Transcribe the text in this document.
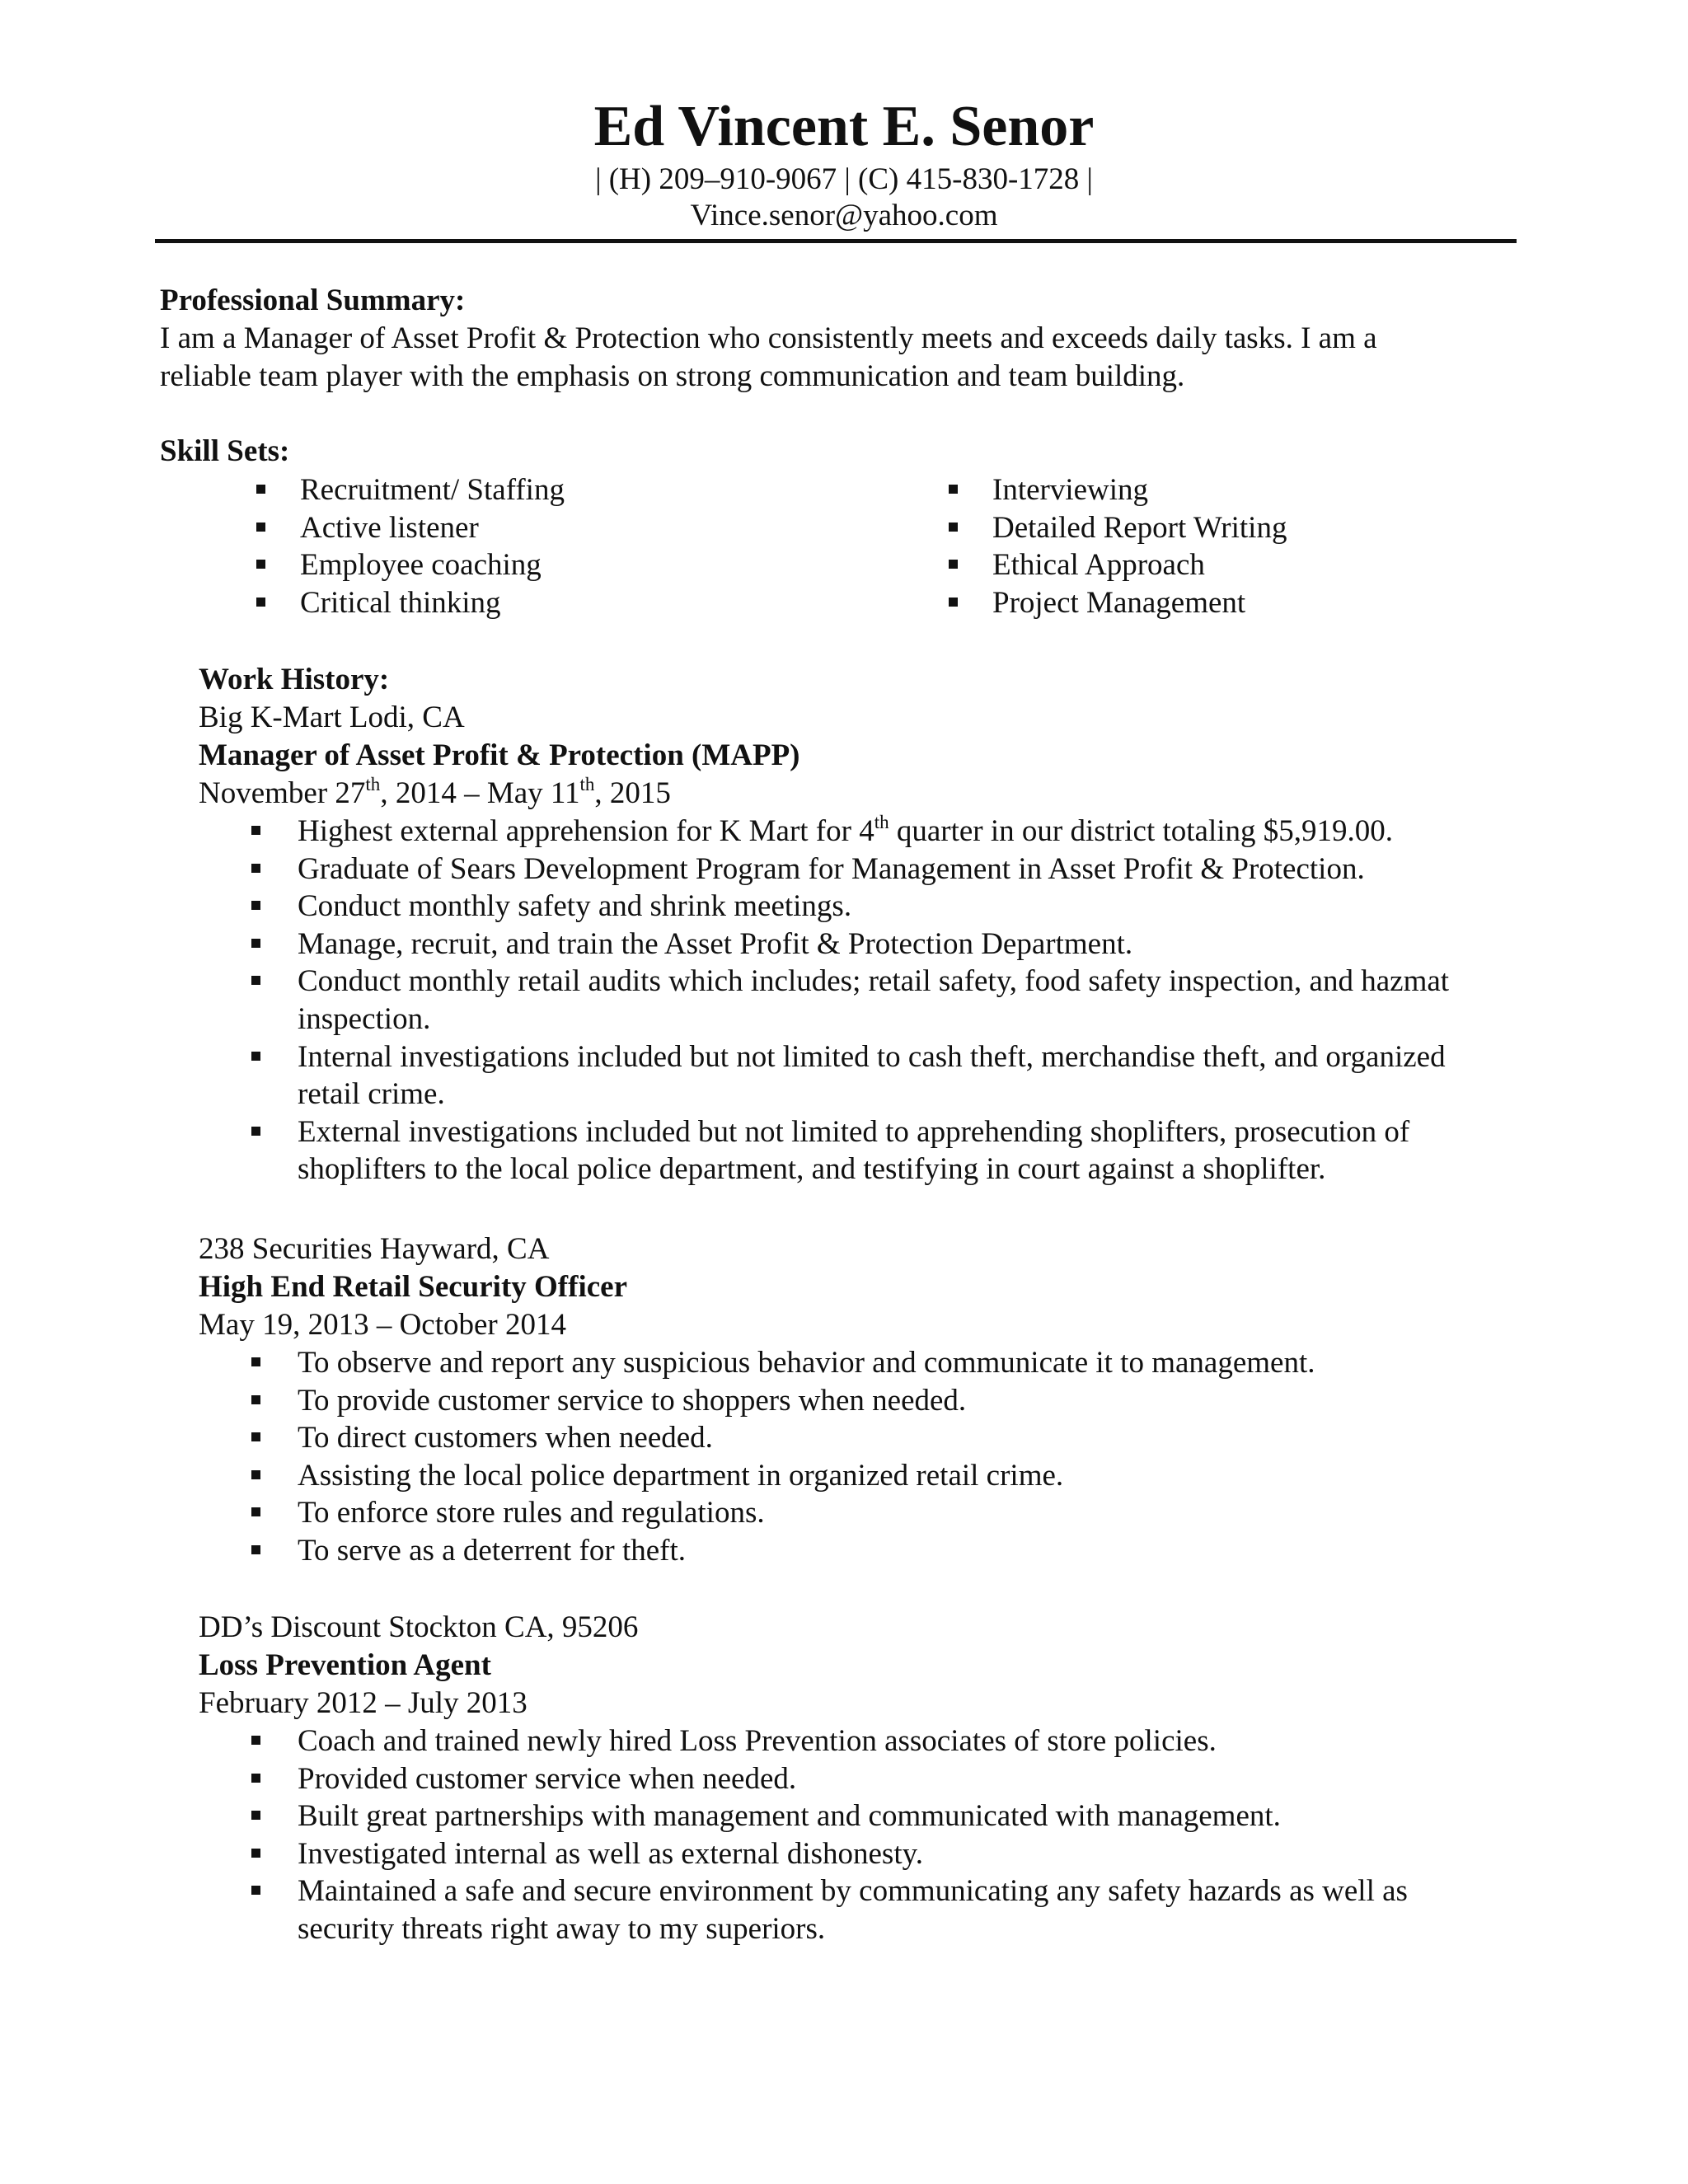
Ed Vincent E. Senor
| (H) 209–910-9067 | (C) 415-830-1728 |
Vince.senor@yahoo.com
Professional Summary:
I am a Manager of Asset Profit & Protection who consistently meets and exceeds daily tasks. I am a
reliable team player with the emphasis on strong communication and team building.
Skill Sets:
Recruitment/ Staffing
Active listener
Employee coaching
Critical thinking
Interviewing
Detailed Report Writing
Ethical Approach
Project Management
Work History:
Big K-Mart Lodi, CA
Manager of Asset Profit & Protection (MAPP)
November 27th, 2014 – May 11th, 2015
Highest external apprehension for K Mart for 4th quarter in our district totaling $5,919.00.
Graduate of Sears Development Program for Management in Asset Profit & Protection.
Conduct monthly safety and shrink meetings.
Manage, recruit, and train the Asset Profit & Protection Department.
Conduct monthly retail audits which includes; retail safety, food safety inspection, and hazmat inspection.
Internal investigations included but not limited to cash theft, merchandise theft, and organized retail crime.
External investigations included but not limited to apprehending shoplifters, prosecution of shoplifters to the local police department, and testifying in court against a shoplifter.
238 Securities Hayward, CA
High End Retail Security Officer
May 19, 2013 – October 2014
To observe and report any suspicious behavior and communicate it to management.
To provide customer service to shoppers when needed.
To direct customers when needed.
Assisting the local police department in organized retail crime.
To enforce store rules and regulations.
To serve as a deterrent for theft.
DD’s Discount Stockton CA, 95206
Loss Prevention Agent
February 2012 – July 2013
Coach and trained newly hired Loss Prevention associates of store policies.
Provided customer service when needed.
Built great partnerships with management and communicated with management.
Investigated internal as well as external dishonesty.
Maintained a safe and secure environment by communicating any safety hazards as well as security threats right away to my superiors.
